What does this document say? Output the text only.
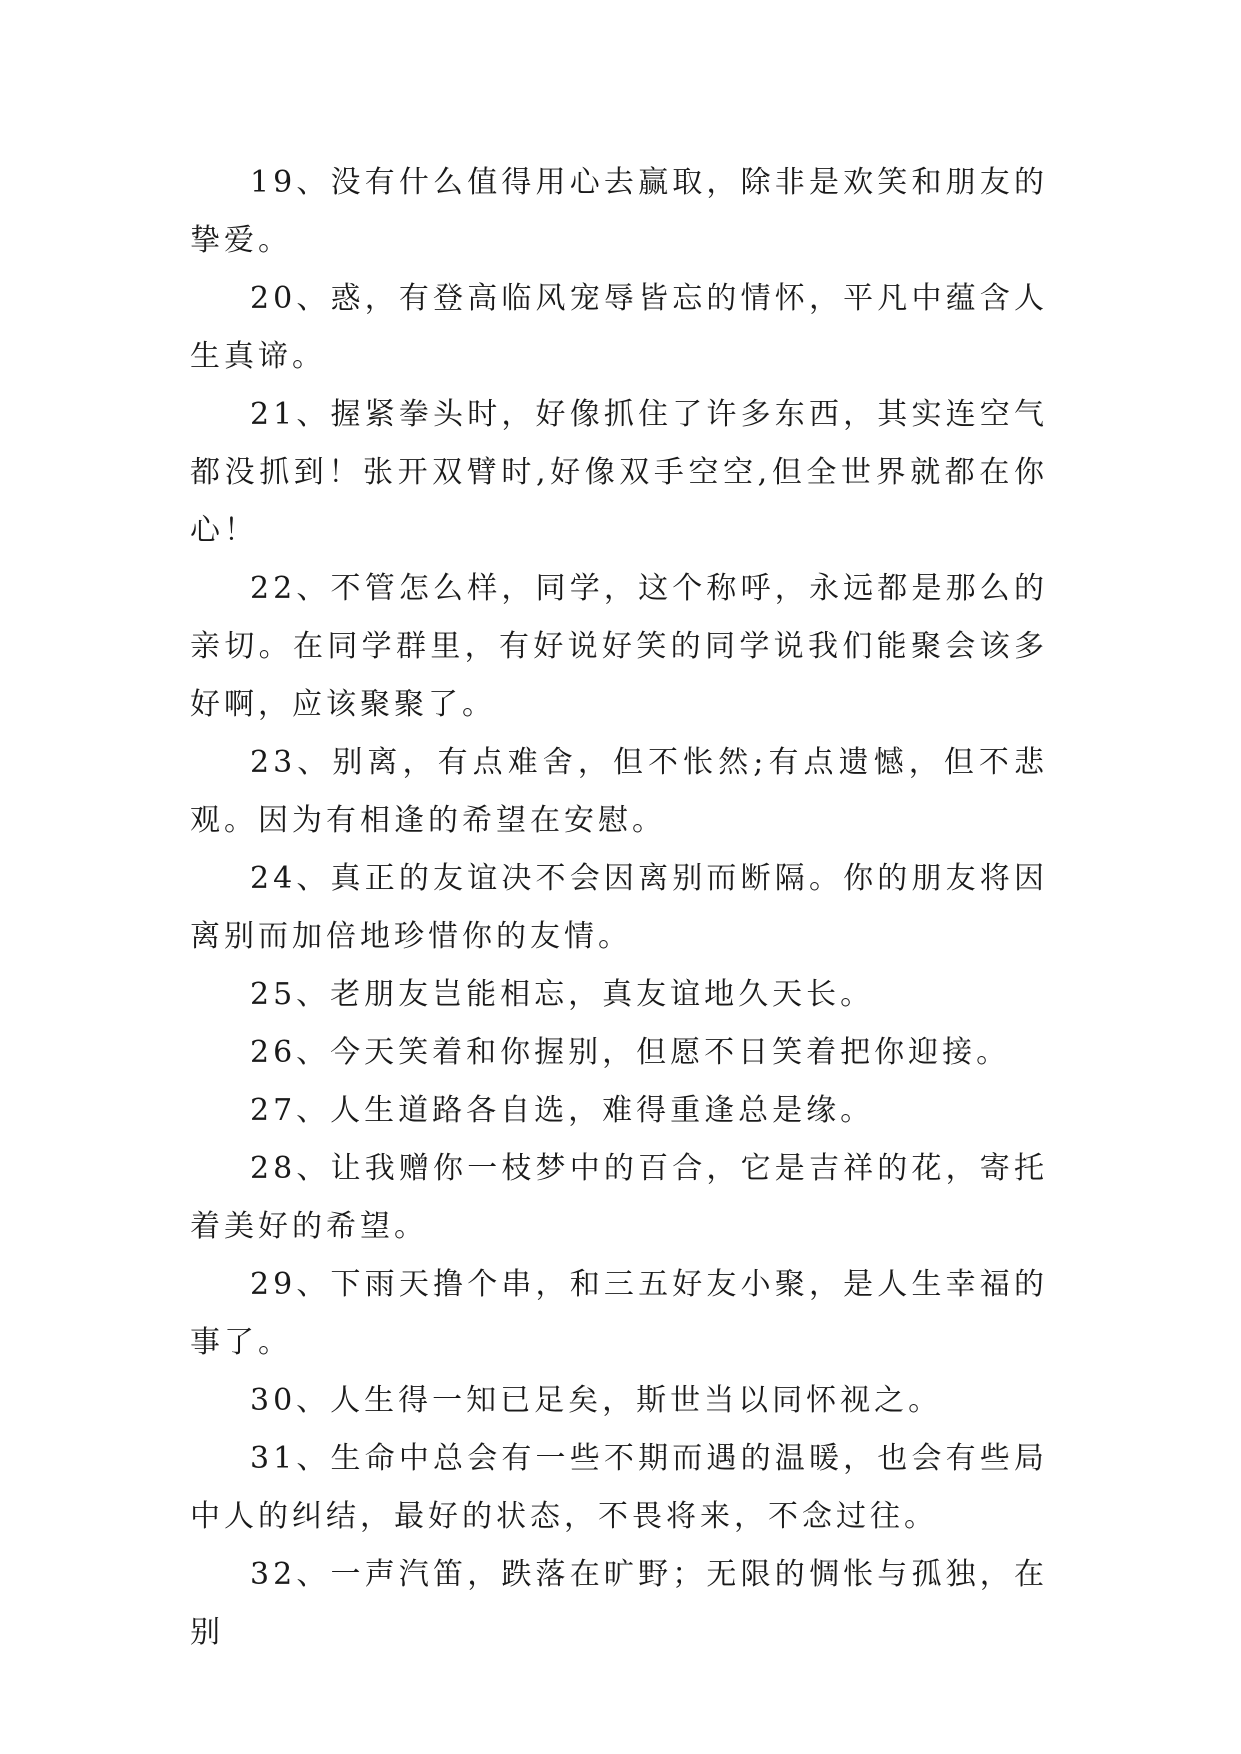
19、没有什么值得用心去赢取，除非是欢笑和朋友的挚爱。

20、惑，有登高临风宠辱皆忘的情怀，平凡中蕴含人生真谛。

21、握紧拳头时，好像抓住了许多东西，其实连空气都没抓到！张开双臂时,好像双手空空,但全世界就都在你心！

22、不管怎么样，同学，这个称呼，永远都是那么的亲切。在同学群里，有好说好笑的同学说我们能聚会该多好啊，应该聚聚了。

23、别离，有点难舍，但不怅然;有点遗憾，但不悲观。因为有相逢的希望在安慰。

24、真正的友谊决不会因离别而断隔。你的朋友将因离别而加倍地珍惜你的友情。

25、老朋友岂能相忘，真友谊地久天长。

26、今天笑着和你握别，但愿不日笑着把你迎接。

27、人生道路各自选，难得重逢总是缘。

28、让我赠你一枝梦中的百合，它是吉祥的花，寄托着美好的希望。

29、下雨天撸个串，和三五好友小聚，是人生幸福的事了。

30、人生得一知已足矣，斯世当以同怀视之。

31、生命中总会有一些不期而遇的温暖，也会有些局中人的纠结，最好的状态，不畏将来，不念过往。

32、一声汽笛，跌落在旷野；无限的惆怅与孤独，在别
